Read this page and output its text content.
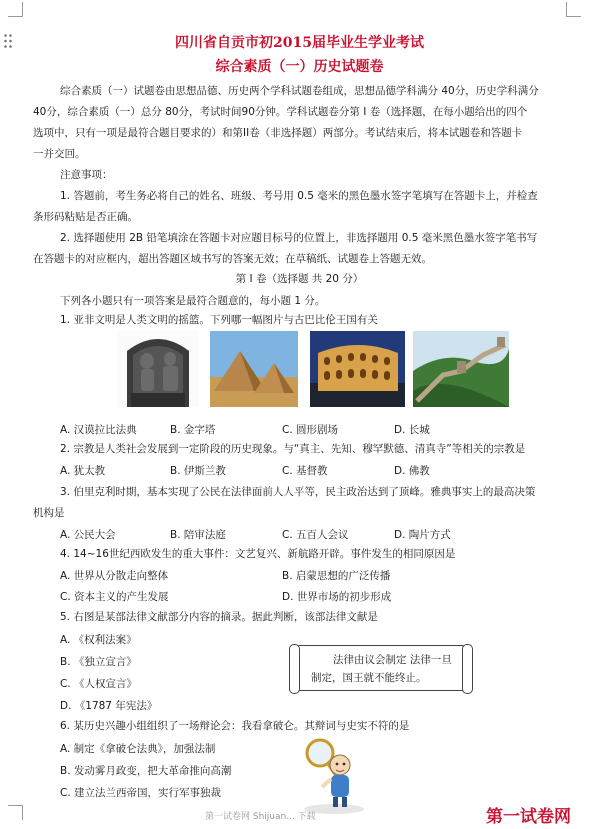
四川省自贡市初2015届毕业生学业考试
综合素质（一）历史试题卷
综合素质（一）试题卷由思想品德、历史两个学科试题卷组成，思想品德学科满分 40分，历史学科满分
40分，综合素质（一）总分 80分，考试时间90分钟。学科试题卷分第 I 卷（选择题，在每小题给出的四个
选项中，只有一项是最符合题目要求的）和第II卷（非选择题）两部分。考试结束后，将本试题卷和答题卡
一并交回。
注意事项：
1. 答题前，考生务必将自己的姓名、班级、考号用 0.5 毫米的黑色墨水签字笔填写在答题卡上，并检查
条形码粘贴是否正确。
2. 选择题使用 2B 铅笔填涂在答题卡对应题目标号的位置上，非选择题用 0.5 毫米黑色墨水签字笔书写
在答题卡的对应框内，超出答题区域书写的答案无效；在草稿纸、试题卷上答题无效。
第 I 卷（选择题 共 20 分）
下列各小题只有一项答案是最符合题意的，每小题 1 分。
1. 亚非文明是人类文明的摇篮。下列哪一幅图片与古巴比伦王国有关
A. 汉谟拉比法典	B. 金字塔	C. 圆形剧场	D. 长城
2. 宗教是人类社会发展到一定阶段的历史现象。与“真主、先知、穆罕默德、清真寺”等相关的宗教是
A. 犹太教	B. 伊斯兰教	C. 基督教	D. 佛教
3. 伯里克利时期，基本实现了公民在法律面前人人平等，民主政治达到了顶峰。雅典事实上的最高决策
机构是
A. 公民大会	B. 陪审法庭	C. 五百人会议	D. 陶片方式
4. 14~16世纪西欧发生的重大事件：文艺复兴、新航路开辟。事件发生的相同原因是
A. 世界从分散走向整体	B. 启蒙思想的广泛传播
C. 资本主义的产生发展	D. 世界市场的初步形成
5. 右图是某部法律文献部分内容的摘录。据此判断，该部法律文献是
A. 《权利法案》
B. 《独立宣言》
C. 《人权宣言》
D. 《1787 年宪法》
法律由议会制定 法律一旦
制定，国王就不能终止。
6. 某历史兴趣小组组织了一场辩论会：我看拿破仑。其辩词与史实不符的是
A. 制定《拿破仑法典》，加强法制
B. 发动雾月政变，把大革命推向高潮
C. 建立法兰西帝国，实行军事独裁
第一试卷网 Shijuan... 下载	第一试卷网
